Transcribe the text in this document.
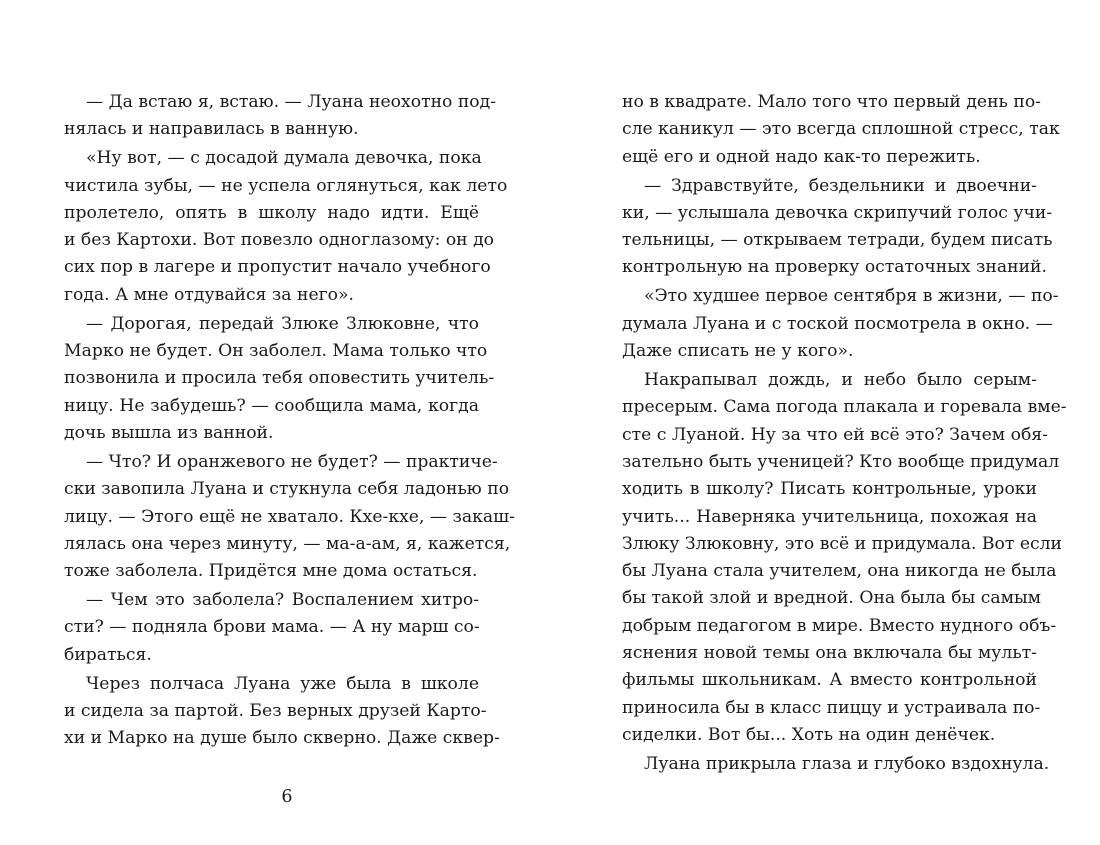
— Да встаю я, встаю. — Луана неохотно под-
нялась и направилась в ванную.
«Ну вот, — с досадой думала девочка, пока
чистила зубы, — не успела оглянуться, как лето
пролетело, опять в школу надо идти. Ещё
и без Картохи. Вот повезло одноглазому: он до
сих пор в лагере и пропустит начало учебного
года. А мне отдувайся за него».
— Дорогая, передай Злюке Злюковне, что
Марко не будет. Он заболел. Мама только что
позвонила и просила тебя оповестить учитель-
ницу. Не забудешь? — сообщила мама, когда
дочь вышла из ванной.
— Что? И оранжевого не будет? — практиче-
ски завопила Луана и стукнула себя ладонью по
лицу. — Этого ещё не хватало. Кхе-кхе, — закаш-
лялась она через минуту, — ма-а-ам, я, кажется,
тоже заболела. Придётся мне дома остаться.
— Чем это заболела? Воспалением хитро-
сти? — подняла брови мама. — А ну марш со-
бираться.
Через полчаса Луана уже была в школе
и сидела за партой. Без верных друзей Карто-
хи и Марко на душе было скверно. Даже сквер-
6
но в квадрате. Мало того что первый день по-
сле каникул — это всегда сплошной стресс, так
ещё его и одной надо как-то пережить.
— Здравствуйте, бездельники и двоечни-
ки, — услышала девочка скрипучий голос учи-
тельницы, — открываем тетради, будем писать
контрольную на проверку остаточных знаний.
«Это худшее первое сентября в жизни, — по-
думала Луана и с тоской посмотрела в окно. —
Даже списать не у кого».
Накрапывал дождь, и небо было серым-
пресерым. Сама погода плакала и горевала вме-
сте с Луаной. Ну за что ей всё это? Зачем обя-
зательно быть ученицей? Кто вообще придумал
ходить в школу? Писать контрольные, уроки
учить... Наверняка учительница, похожая на
Злюку Злюковну, это всё и придумала. Вот если
бы Луана стала учителем, она никогда не была
бы такой злой и вредной. Она была бы самым
добрым педагогом в мире. Вместо нудного объ-
яснения новой темы она включала бы мульт-
фильмы школьникам. А вместо контрольной
приносила бы в класс пиццу и устраивала по-
сиделки. Вот бы... Хоть на один денёчек.
Луана прикрыла глаза и глубоко вздохнула.
